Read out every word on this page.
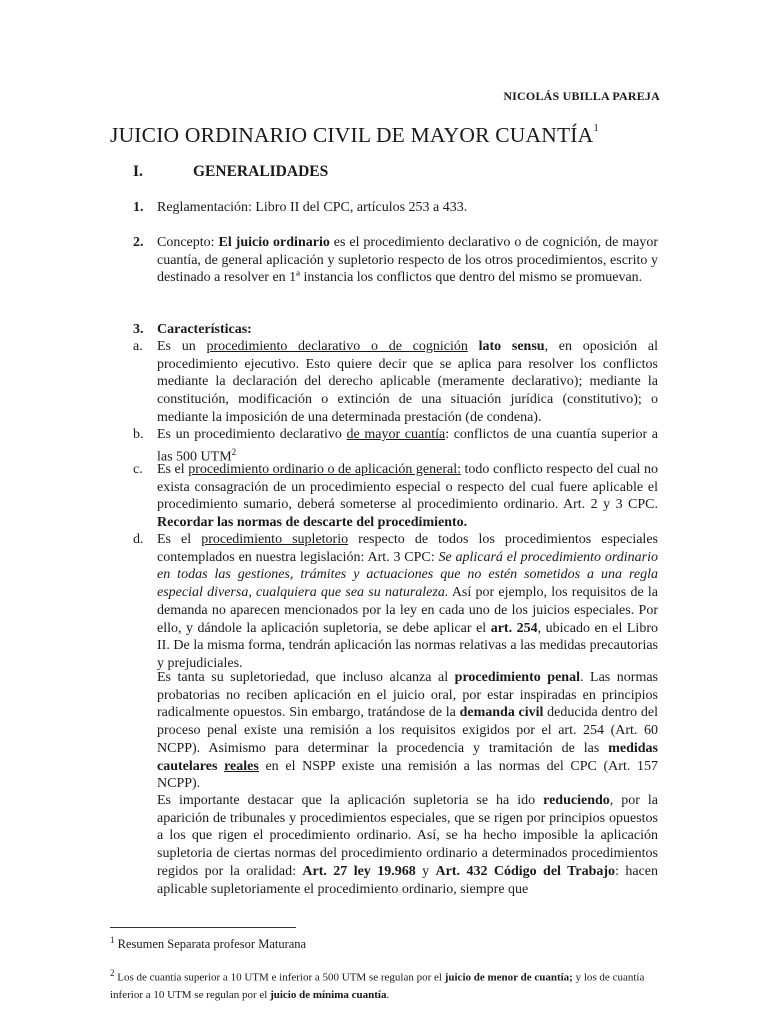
NICOLÁS UBILLA PAREJA
JUICIO ORDINARIO CIVIL DE MAYOR CUANTÍA$^1$
I.	GENERALIDADES
1. Reglamentación: Libro II del CPC, artículos 253 a 433.
2. Concepto: El juicio ordinario es el procedimiento declarativo o de cognición, de mayor cuantía, de general aplicación y supletorio respecto de los otros procedimientos, escrito y destinado a resolver en 1ª instancia los conflictos que dentro del mismo se promuevan.
3. Características:
a. Es un procedimiento declarativo o de cognición lato sensu, en oposición al procedimiento ejecutivo. Esto quiere decir que se aplica para resolver los conflictos mediante la declaración del derecho aplicable (meramente declarativo); mediante la constitución, modificación o extinción de una situación jurídica (constitutivo); o mediante la imposición de una determinada prestación (de condena).
b. Es un procedimiento declarativo de mayor cuantía: conflictos de una cuantía superior a las 500 UTM$^2$
c. Es el procedimiento ordinario o de aplicación general: todo conflicto respecto del cual no exista consagración de un procedimiento especial o respecto del cual fuere aplicable el procedimiento sumario, deberá someterse al procedimiento ordinario. Art. 2 y 3 CPC. Recordar las normas de descarte del procedimiento.
d. Es el procedimiento supletorio respecto de todos los procedimientos especiales contemplados en nuestra legislación: Art. 3 CPC: Se aplicará el procedimiento ordinario en todas las gestiones, trámites y actuaciones que no estén sometidos a una regla especial diversa, cualquiera que sea su naturaleza. Así por ejemplo, los requisitos de la demanda no aparecen mencionados por la ley en cada uno de los juicios especiales. Por ello, y dándole la aplicación supletoria, se debe aplicar el art. 254, ubicado en el Libro II. De la misma forma, tendrán aplicación las normas relativas a las medidas precautorias y prejudiciales.
Es tanta su supletoriedad, que incluso alcanza al procedimiento penal. Las normas probatorias no reciben aplicación en el juicio oral, por estar inspiradas en principios radicalmente opuestos. Sin embargo, tratándose de la demanda civil deducida dentro del proceso penal existe una remisión a los requisitos exigidos por el art. 254 (Art. 60 NCPP). Asimismo para determinar la procedencia y tramitación de las medidas cautelares reales en el NSPP existe una remisión a las normas del CPC (Art. 157 NCPP).
Es importante destacar que la aplicación supletoria se ha ido reduciendo, por la aparición de tribunales y procedimientos especiales, que se rigen por principios opuestos a los que rigen el procedimiento ordinario. Así, se ha hecho imposible la aplicación supletoria de ciertas normas del procedimiento ordinario a determinados procedimientos regidos por la oralidad: Art. 27 ley 19.968 y Art. 432 Código del Trabajo: hacen aplicable supletoriamente el procedimiento ordinario, siempre que
$^1$ Resumen Separata profesor Maturana
$^2$ Los de cuantía superior a 10 UTM e inferior a 500 UTM se regulan por el juicio de menor de cuantía; y los de cuantía inferior a 10 UTM se regulan por el juicio de mínima cuantía.
